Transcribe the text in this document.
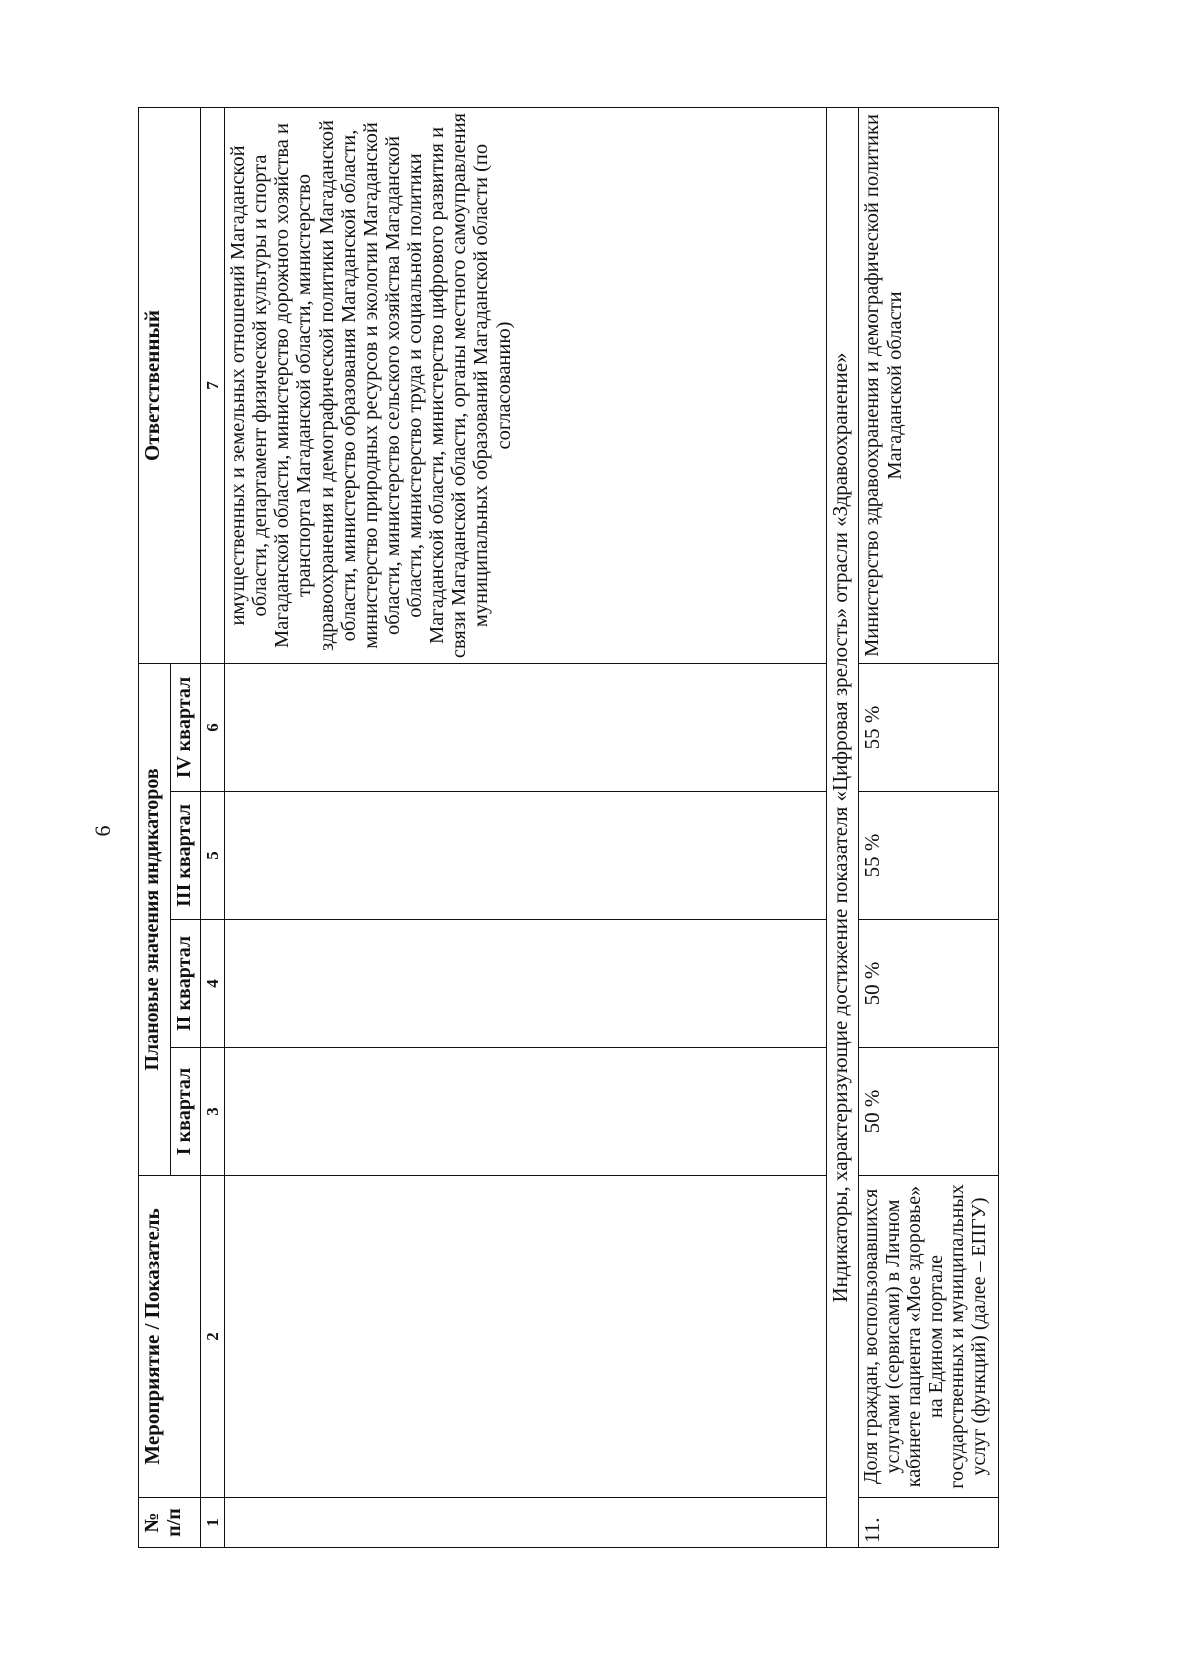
6
№ п/п	Мероприятие / Показатель	Плановые значения индикаторов				Ответственный
		I квартал	II квартал	III квартал	IV квартал	
1	2	3	4	5	6	7
						имущественных и земельных отношений Магаданской области, департамент физической культуры и спорта Магаданской области, министерство дорожного хозяйства и транспорта Магаданской области, министерство здравоохранения и демографической политики Магаданской области, министерство образования Магаданской области, министерство природных ресурсов и экологии Магаданской области, министерство сельского хозяйства Магаданской области, министерство труда и социальной политики Магаданской области, министерство цифрового развития и связи Магаданской области, органы местного самоуправления муниципальных образований Магаданской области (по согласованию)
Индикаторы, характеризующие достижение показателя «Цифровая зрелость» отрасли «Здравоохранение»						
11.	Доля граждан, воспользовавшихся услугами (сервисами) в Личном кабинете пациента «Мое здоровье» на Едином портале государственных и муниципальных услуг (функций) (далее – ЕПГУ)	50 %	50 %	55 %	55 %	Министерство здравоохранения и демографической политики Магаданской области
